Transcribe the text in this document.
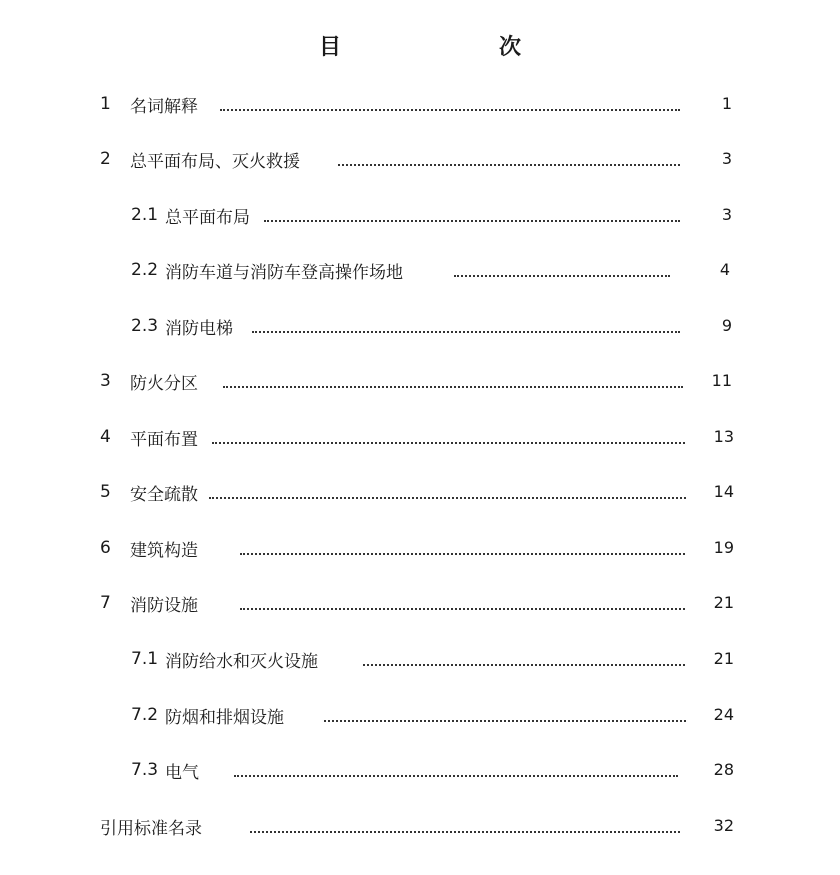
目　　次
1	名词解释	1
2	总平面布局、灭火救援	3
2.1 总平面布局	3
2.2 消防车道与消防车登高操作场地	4
2.3 消防电梯	9
3	防火分区	11
4	平面布置	13
5	安全疏散	14
6	建筑构造	19
7	消防设施	21
7.1 消防给水和灭火设施	21
7.2 防烟和排烟设施	24
7.3 电气	28
引用标准名录	32
